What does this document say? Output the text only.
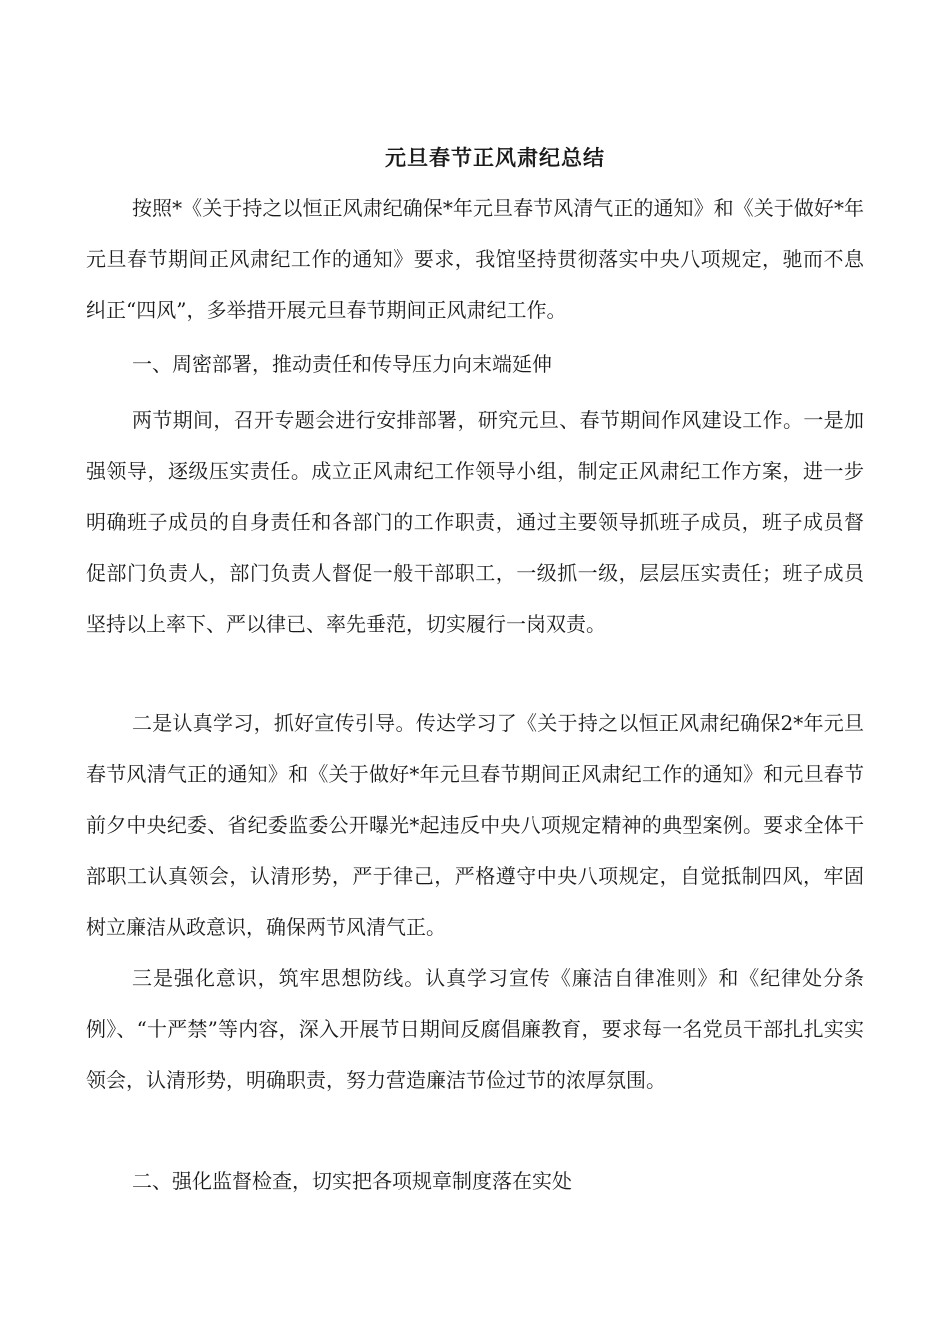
元旦春节正风肃纪总结

按照*《关于持之以恒正风肃纪确保*年元旦春节风清气正的通知》和《关于做好*年元旦春节期间正风肃纪工作的通知》要求，我馆坚持贯彻落实中央八项规定，驰而不息纠正“四风”，多举措开展元旦春节期间正风肃纪工作。

一、周密部署，推动责任和传导压力向末端延伸

两节期间，召开专题会进行安排部署，研究元旦、春节期间作风建设工作。一是加强领导，逐级压实责任。成立正风肃纪工作领导小组，制定正风肃纪工作方案，进一步明确班子成员的自身责任和各部门的工作职责，通过主要领导抓班子成员，班子成员督促部门负责人，部门负责人督促一般干部职工，一级抓一级，层层压实责任；班子成员坚持以上率下、严以律已、率先垂范，切实履行一岗双责。

二是认真学习，抓好宣传引导。传达学习了《关于持之以恒正风肃纪确保2*年元旦春节风清气正的通知》和《关于做好*年元旦春节期间正风肃纪工作的通知》和元旦春节前夕中央纪委、省纪委监委公开曝光*起违反中央八项规定精神的典型案例。要求全体干部职工认真领会，认清形势，严于律己，严格遵守中央八项规定，自觉抵制四风，牢固树立廉洁从政意识，确保两节风清气正。

三是强化意识，筑牢思想防线。认真学习宣传《廉洁自律准则》和《纪律处分条例》、“十严禁”等内容，深入开展节日期间反腐倡廉教育，要求每一名党员干部扎扎实实领会，认清形势，明确职责，努力营造廉洁节俭过节的浓厚氛围。

二、强化监督检查，切实把各项规章制度落在实处
